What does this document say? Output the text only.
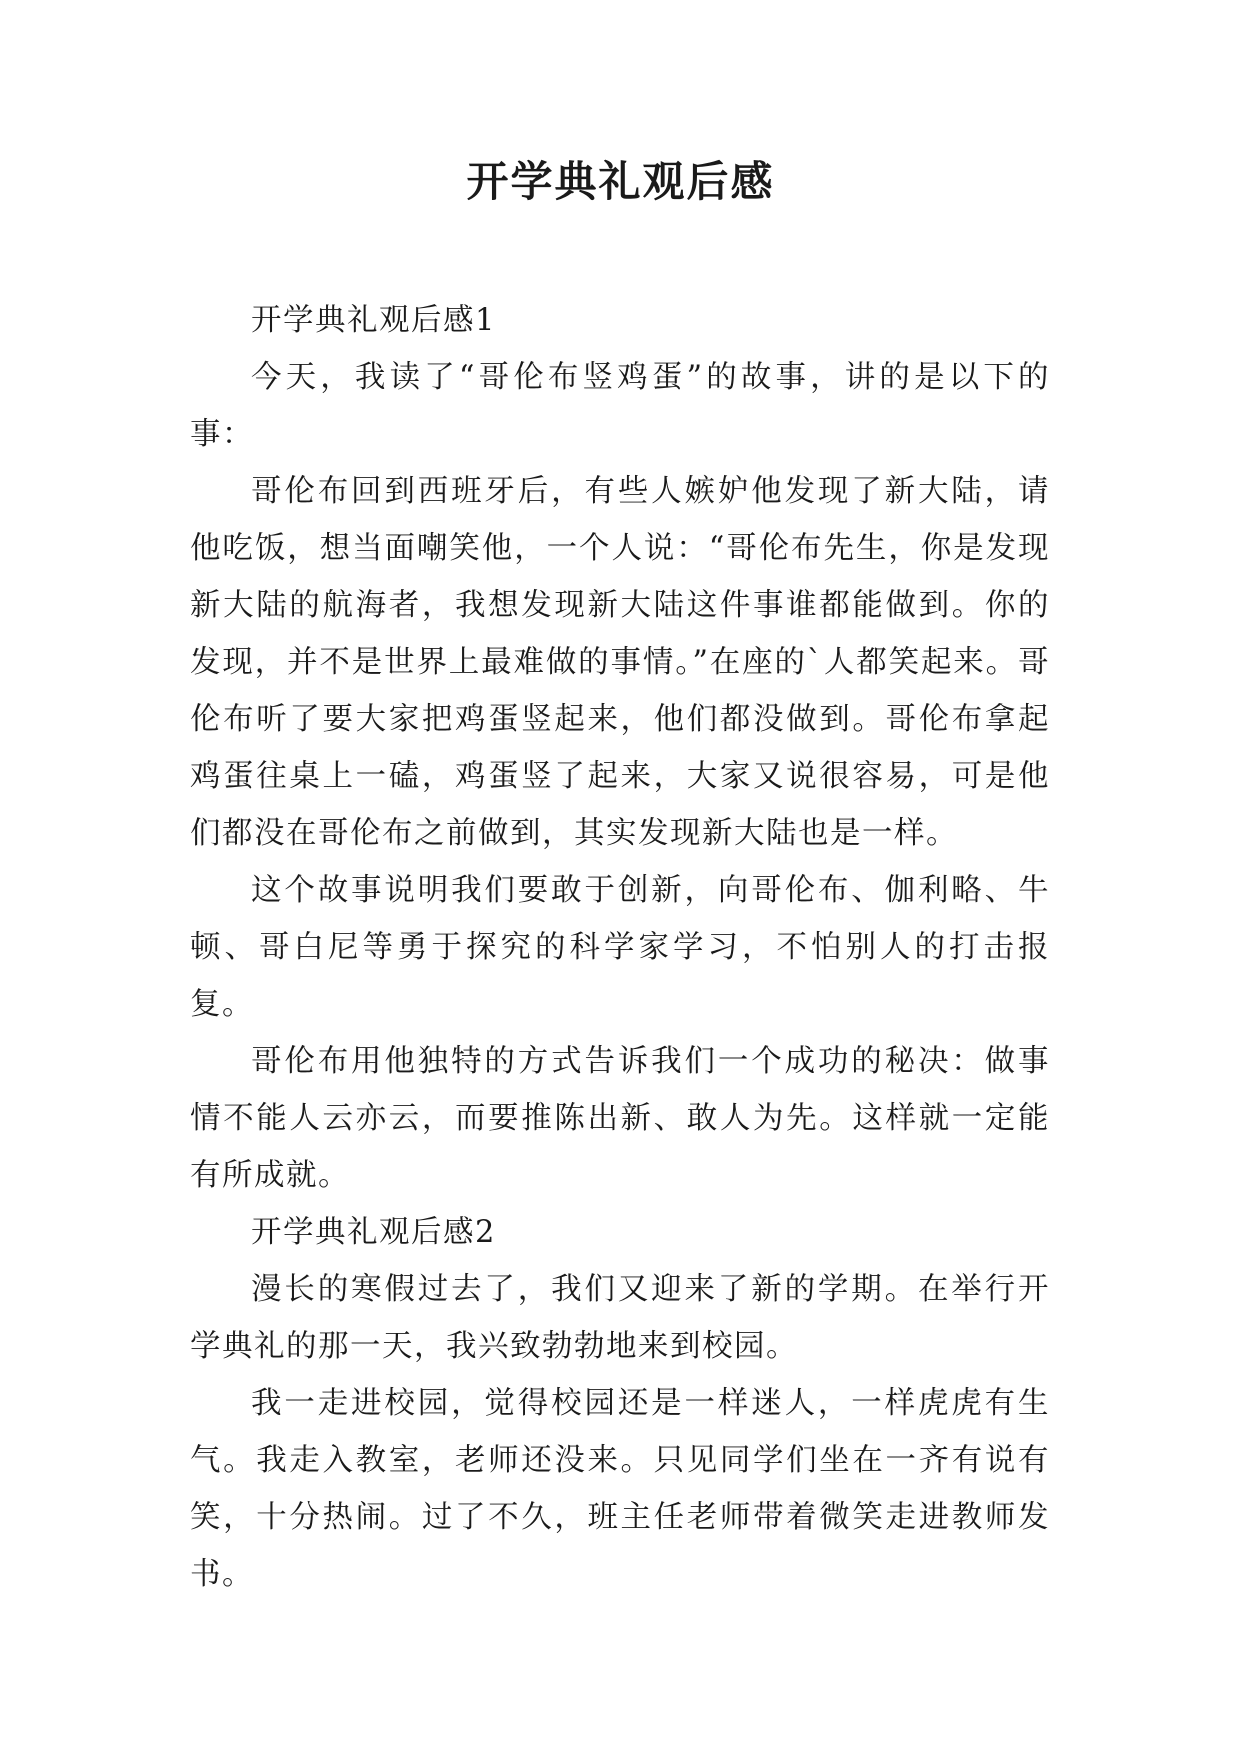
开学典礼观后感

开学典礼观后感1

今天，我读了“哥伦布竖鸡蛋”的故事，讲的是以下的事：

哥伦布回到西班牙后，有些人嫉妒他发现了新大陆，请他吃饭，想当面嘲笑他，一个人说：“哥伦布先生，你是发现新大陆的航海者，我想发现新大陆这件事谁都能做到。你的发现，并不是世界上最难做的事情。”在座的`人都笑起来。哥伦布听了要大家把鸡蛋竖起来，他们都没做到。哥伦布拿起鸡蛋往桌上一磕，鸡蛋竖了起来，大家又说很容易，可是他们都没在哥伦布之前做到，其实发现新大陆也是一样。

这个故事说明我们要敢于创新，向哥伦布、伽利略、牛顿、哥白尼等勇于探究的科学家学习，不怕别人的打击报复。

哥伦布用他独特的方式告诉我们一个成功的秘决：做事情不能人云亦云，而要推陈出新、敢人为先。这样就一定能有所成就。

开学典礼观后感2

漫长的寒假过去了，我们又迎来了新的学期。在举行开学典礼的那一天，我兴致勃勃地来到校园。

我一走进校园，觉得校园还是一样迷人，一样虎虎有生气。我走入教室，老师还没来。只见同学们坐在一齐有说有笑，十分热闹。过了不久，班主任老师带着微笑走进教师发书。
